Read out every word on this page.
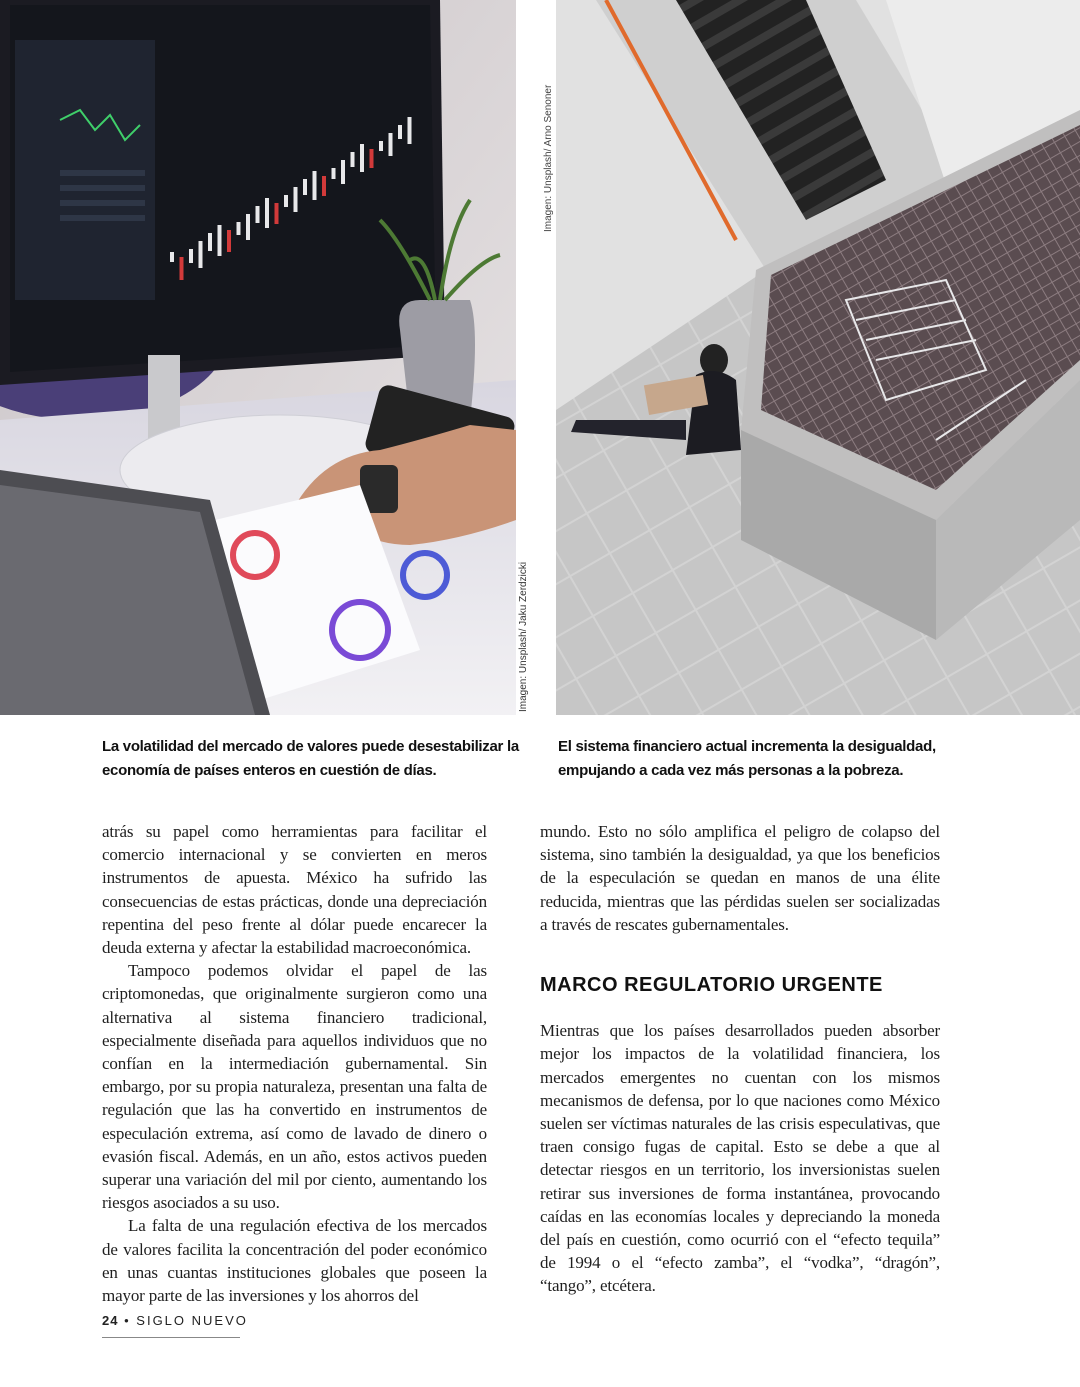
Imagen: Unsplash/ Jaku Zerdzicki
Imagen: Unsplash/ Arno Senoner
La volatilidad del mercado de valores puede desestabilizar la economía de países enteros en cuestión de días.
El sistema financiero actual incrementa la desigualdad, empujando a cada vez más personas a la pobreza.

atrás su papel como herramientas para facilitar el comercio internacional y se convierten en meros instrumentos de apuesta. México ha sufrido las consecuencias de estas prácticas, donde una depreciación repentina del peso frente al dólar puede encarecer la deuda externa y afectar la estabilidad macroeconómica.

Tampoco podemos olvidar el papel de las criptomonedas, que originalmente surgieron como una alternativa al sistema financiero tradicional, especialmente diseñada para aquellos individuos que no confían en la intermediación gubernamental. Sin embargo, por su propia naturaleza, presentan una falta de regulación que las ha convertido en instrumentos de especulación extrema, así como de lavado de dinero o evasión fiscal. Además, en un año, estos activos pueden superar una variación del mil por ciento, aumentando los riesgos asociados a su uso.

La falta de una regulación efectiva de los mercados de valores facilita la concentración del poder económico en unas cuantas instituciones globales que poseen la mayor parte de las inversiones y los ahorros del

mundo. Esto no sólo amplifica el peligro de colapso del sistema, sino también la desigualdad, ya que los beneficios de la especulación se quedan en manos de una élite reducida, mientras que las pérdidas suelen ser socializadas a través de rescates gubernamentales.

MARCO REGULATORIO URGENTE

Mientras que los países desarrollados pueden absorber mejor los impactos de la volatilidad financiera, los mercados emergentes no cuentan con los mismos mecanismos de defensa, por lo que naciones como México suelen ser víctimas naturales de las crisis especulativas, que traen consigo fugas de capital. Esto se debe a que al detectar riesgos en un territorio, los inversionistas suelen retirar sus inversiones de forma instantánea, provocando caídas en las economías locales y depreciando la moneda del país en cuestión, como ocurrió con el “efecto tequila” de 1994 o el “efecto zamba”, el “vodka”, “dragón”, “tango”, etcétera.

24 • SIGLO NUEVO
